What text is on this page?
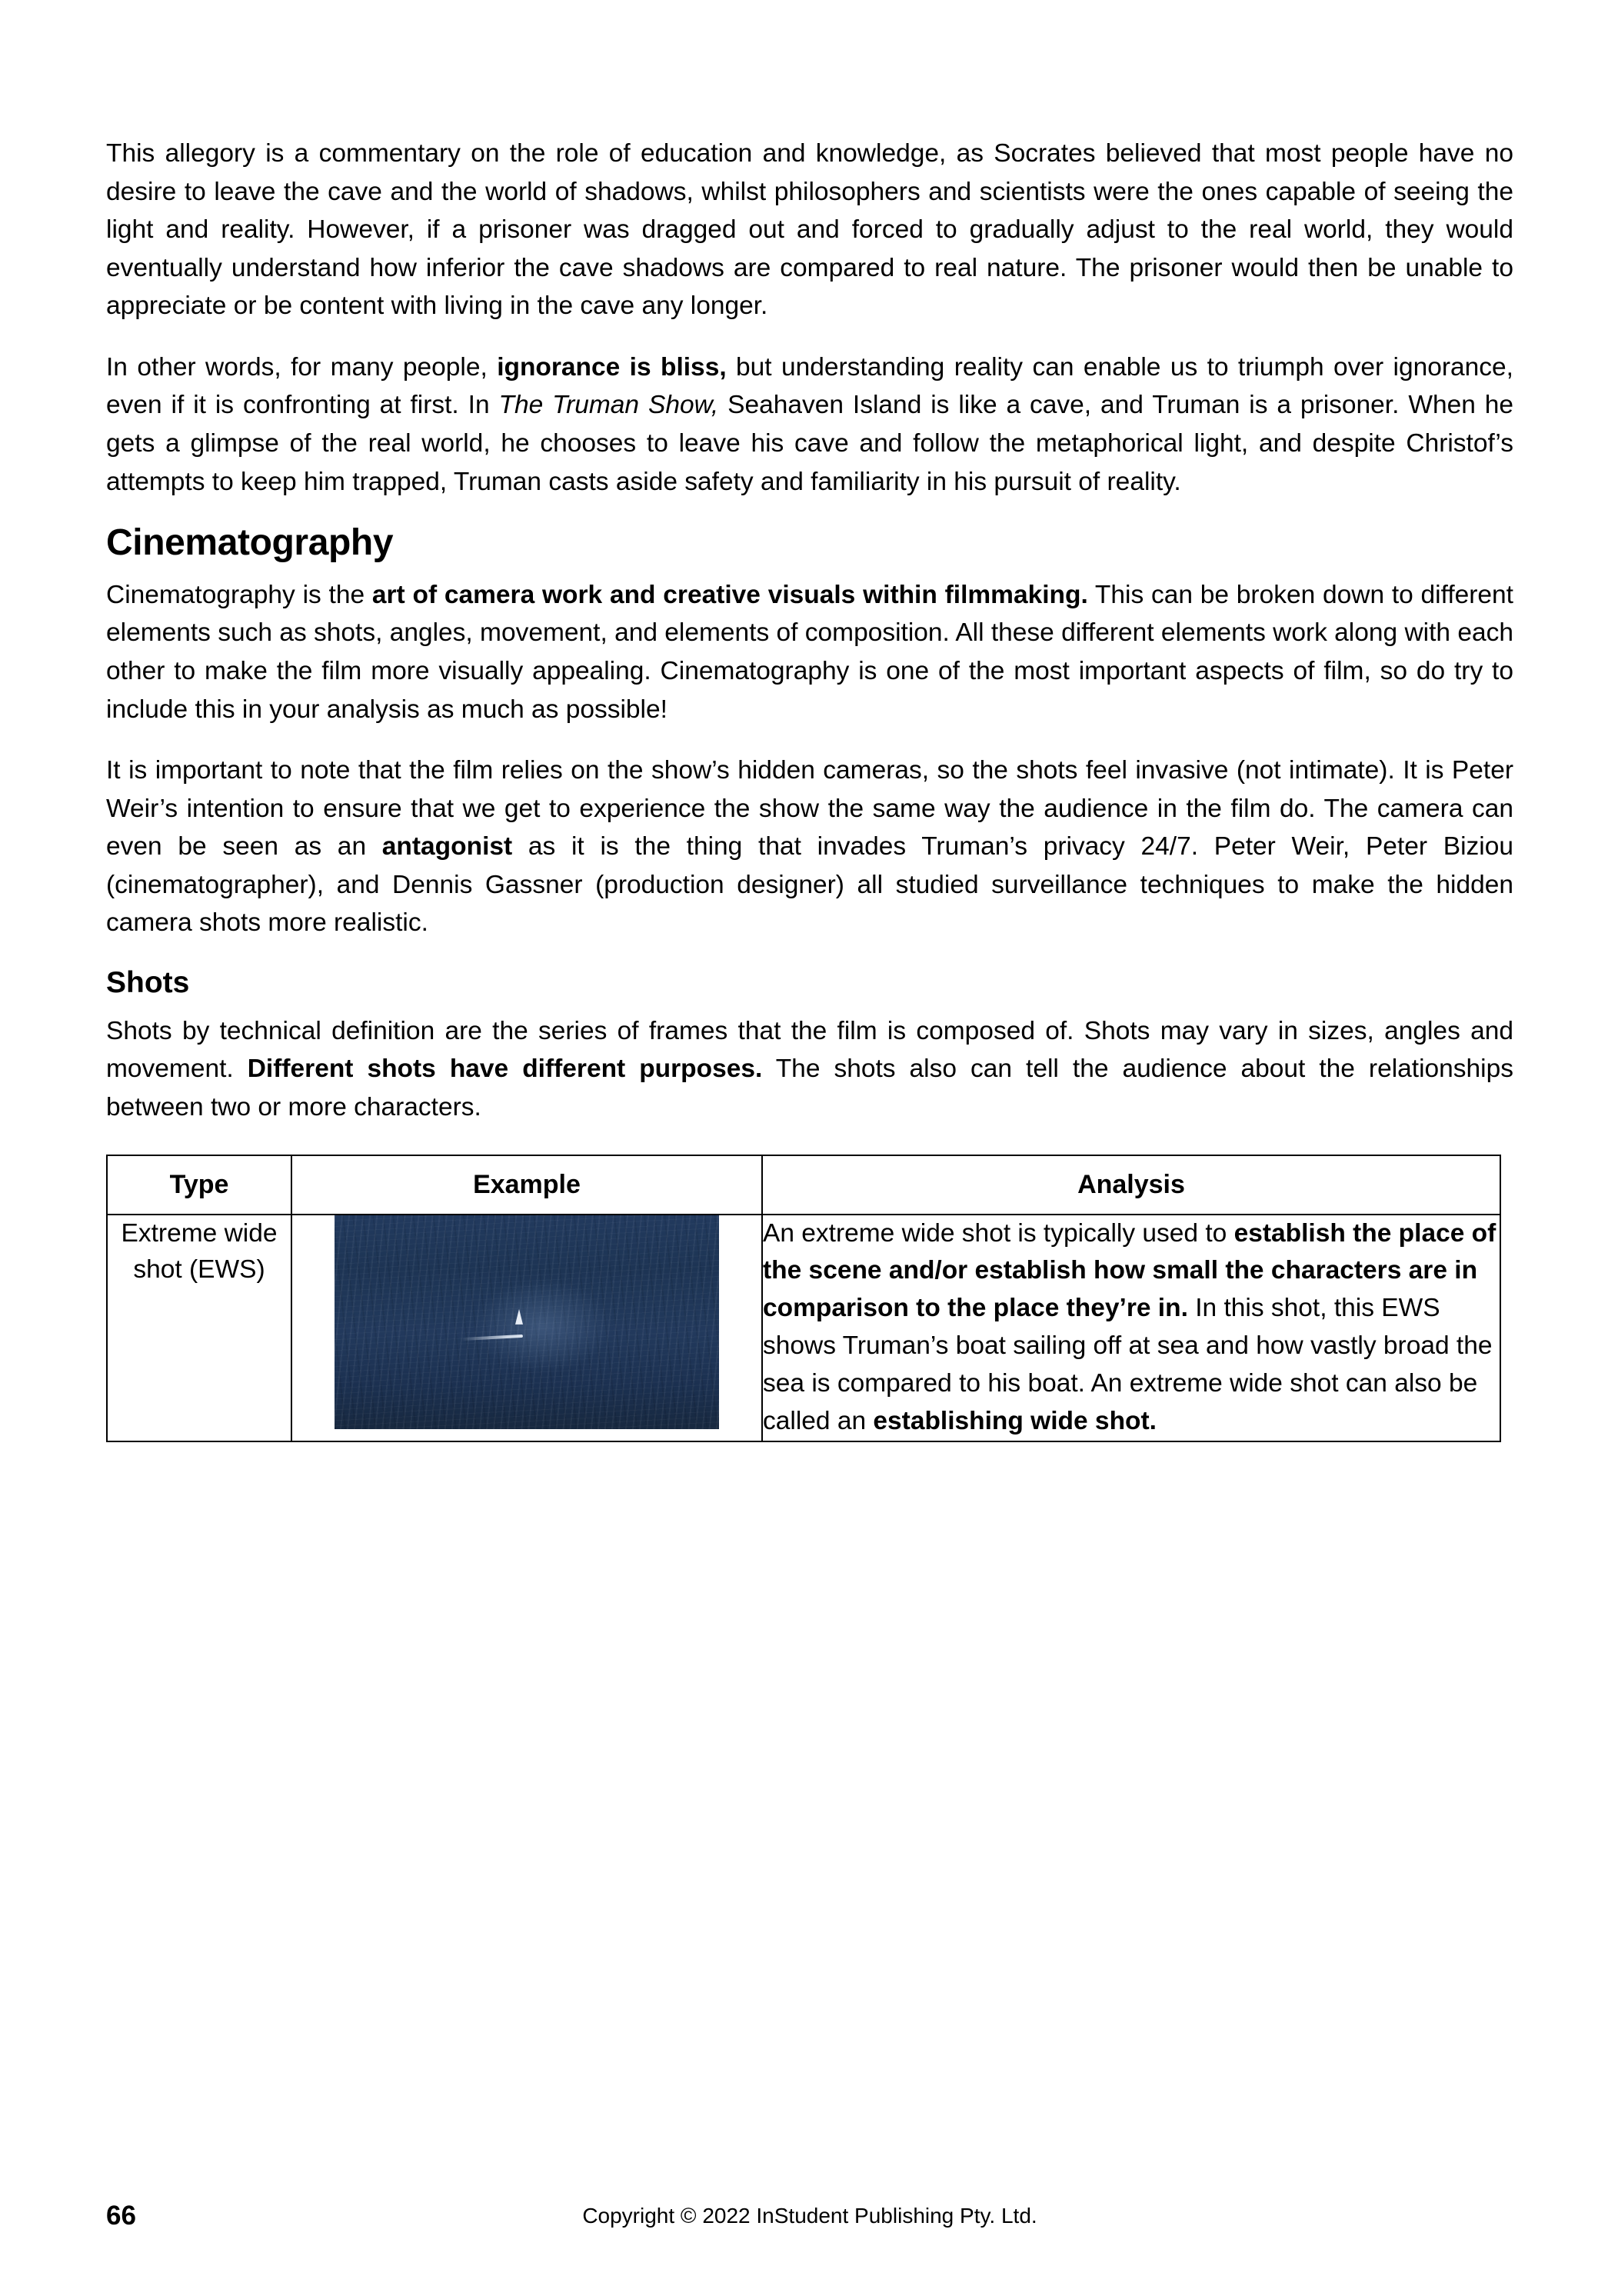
This allegory is a commentary on the role of education and knowledge, as Socrates believed that most people have no desire to leave the cave and the world of shadows, whilst philosophers and scientists were the ones capable of seeing the light and reality. However, if a prisoner was dragged out and forced to gradually adjust to the real world, they would eventually understand how inferior the cave shadows are compared to real nature. The prisoner would then be unable to appreciate or be content with living in the cave any longer.

In other words, for many people, ignorance is bliss, but understanding reality can enable us to triumph over ignorance, even if it is confronting at first. In The Truman Show, Seahaven Island is like a cave, and Truman is a prisoner. When he gets a glimpse of the real world, he chooses to leave his cave and follow the metaphorical light, and despite Christof’s attempts to keep him trapped, Truman casts aside safety and familiarity in his pursuit of reality.

Cinematography

Cinematography is the art of camera work and creative visuals within filmmaking. This can be broken down to different elements such as shots, angles, movement, and elements of composition. All these different elements work along with each other to make the film more visually appealing. Cinematography is one of the most important aspects of film, so do try to include this in your analysis as much as possible!

It is important to note that the film relies on the show’s hidden cameras, so the shots feel invasive (not intimate). It is Peter Weir’s intention to ensure that we get to experience the show the same way the audience in the film do. The camera can even be seen as an antagonist as it is the thing that invades Truman’s privacy 24/7. Peter Weir, Peter Biziou (cinematographer), and Dennis Gassner (production designer) all studied surveillance techniques to make the hidden camera shots more realistic.

Shots

Shots by technical definition are the series of frames that the film is composed of. Shots may vary in sizes, angles and movement. Different shots have different purposes. The shots also can tell the audience about the relationships between two or more characters.

Type	Example	Analysis
Extreme wide shot (EWS)		An extreme wide shot is typically used to establish the place of the scene and/or establish how small the characters are in comparison to the place they’re in. In this shot, this EWS shows Truman’s boat sailing off at sea and how vastly broad the sea is compared to his boat. An extreme wide shot can also be called an establishing wide shot.
66	Copyright © 2022 InStudent Publishing Pty. Ltd.
